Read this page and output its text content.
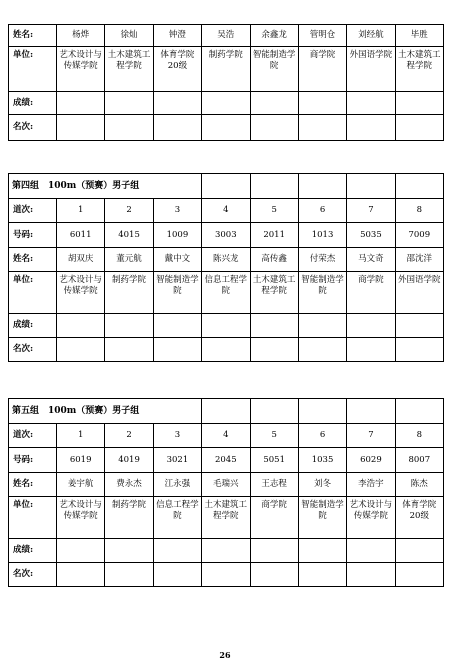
姓名:	杨烨	徐灿	钟澄	吴浩	余鑫龙	管明仓	刘经航	毕胜
单位:	艺术设计与传媒学院	土木建筑工程学院	体育学院20级	制药学院	智能制造学院	商学院	外国语学院	土木建筑工程学院
成绩:								
名次:								
第四组　100m（预赛）男子组								
道次:	1	2	3	4	5	6	7	8
号码:	6011	4015	1009	3003	2011	1013	5035	7009
姓名:	胡双庆	董元航	戴中文	陈兴龙	高传鑫	付荣杰	马文奇	邵沈洋
单位:	艺术设计与传媒学院	制药学院	智能制造学院	信息工程学院	土木建筑工程学院	智能制造学院	商学院	外国语学院
成绩:								
名次:								
第五组　100m（预赛）男子组								
道次:	1	2	3	4	5	6	7	8
号码:	6019	4019	3021	2045	5051	1035	6029	8007
姓名:	姜宇航	费永杰	江永强	毛瑞兴	王志程	刘冬	李浩宇	陈杰
单位:	艺术设计与传媒学院	制药学院	信息工程学院	土木建筑工程学院	商学院	智能制造学院	艺术设计与传媒学院	体育学院20级
成绩:								
名次:								
26
